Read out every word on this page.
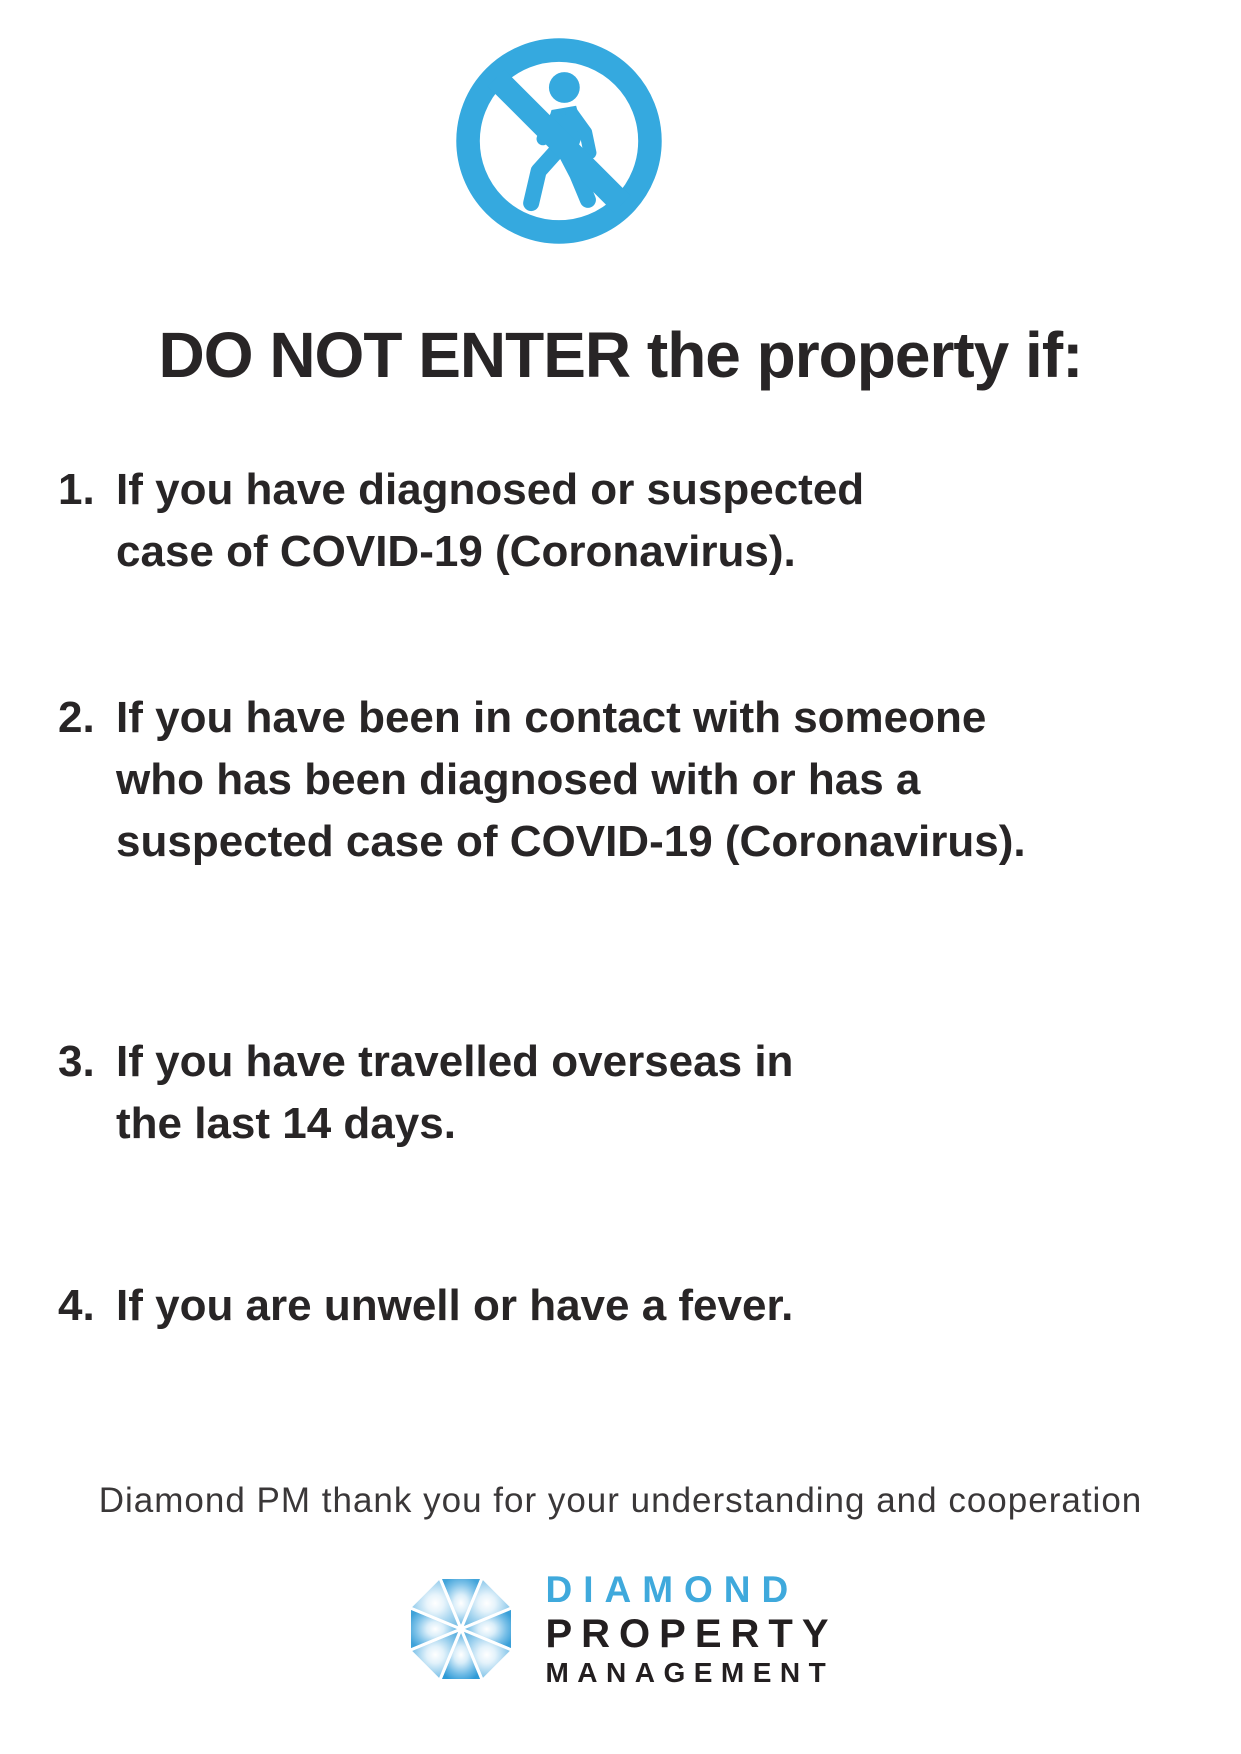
DO NOT ENTER the property if:
1. If you have diagnosed or suspected
case of COVID-19 (Coronavirus).
2. If you have been in contact with someone
who has been diagnosed with or has a
suspected case of COVID-19 (Coronavirus).
3. If you have travelled overseas in
the last 14 days.
4. If you are unwell or have a fever.
Diamond PM thank you for your understanding and cooperation
DIAMOND
PROPERTY
MANAGEMENT
